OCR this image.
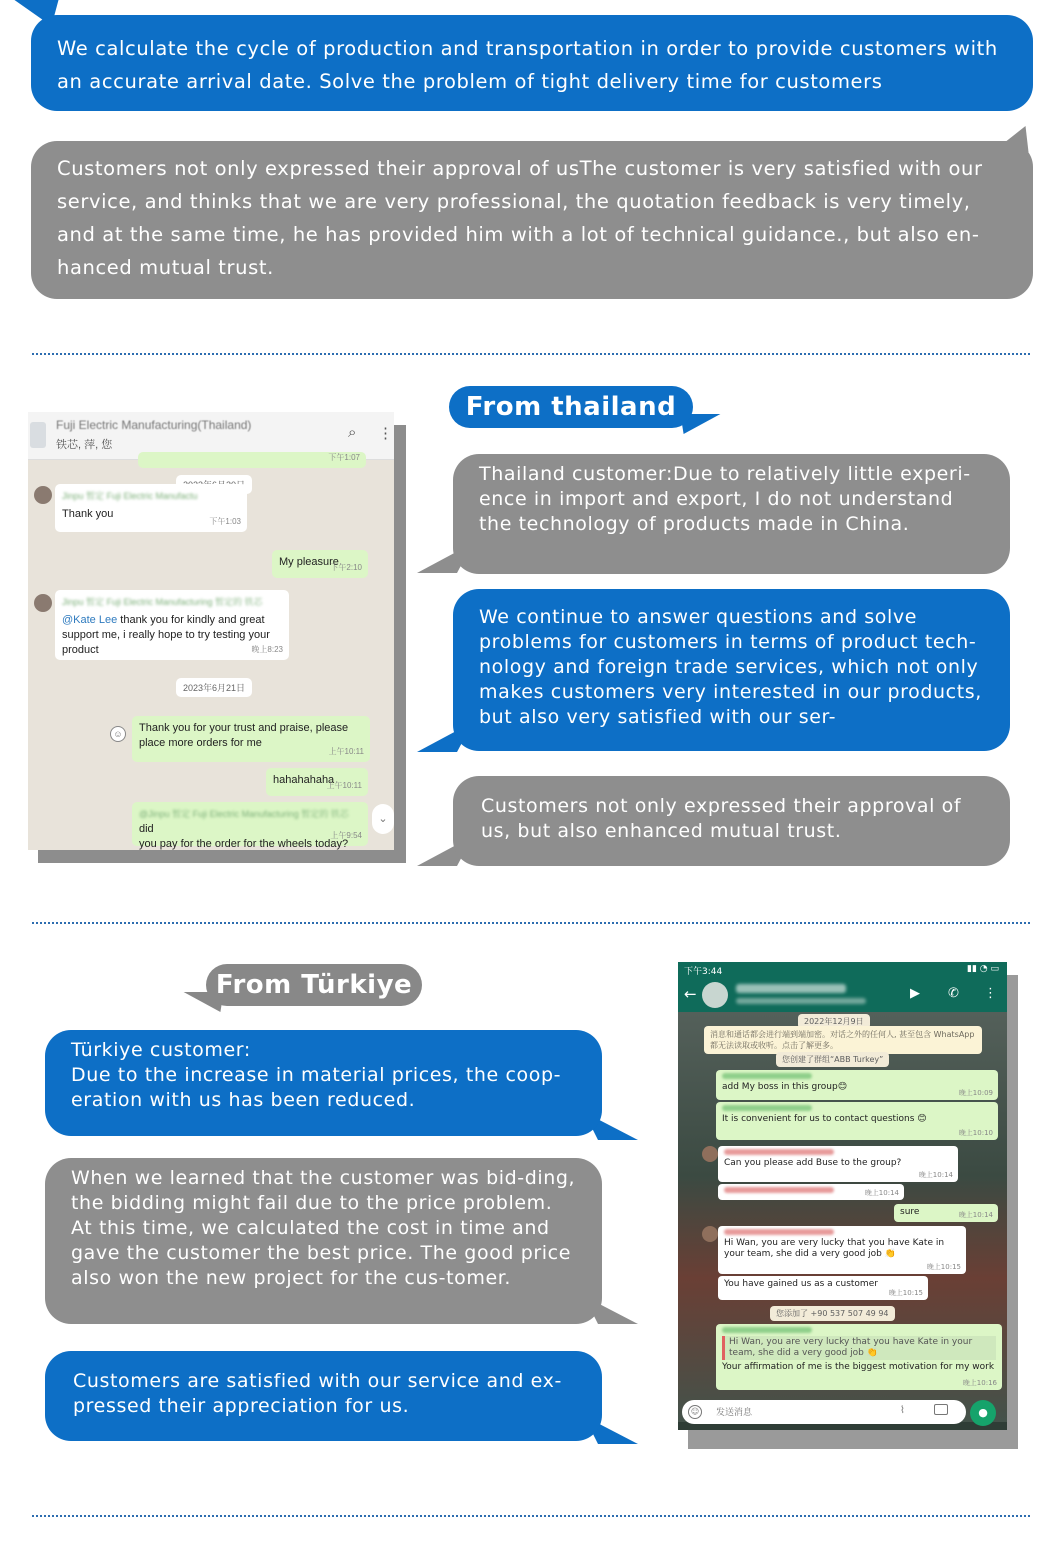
We calculate the cycle of production and transportation in order to provide customers with an accurate arrival date. Solve the problem of tight delivery time for customers
Customers not only expressed their approval of usThe customer is very satisfied with our service, and thinks that we are very professional, the quotation feedback is very timely, and at the same time, he has provided him with a lot of technical guidance., but also en-hanced mutual trust.
From thailand
Fuji Electric Manufacturing(Thailand)
铁芯, 萍, 您
⌕ ⋮
下午1:07
Jinpu 暂定 Fuji Electric Manufactu
Thank you
下午1:03
My pleasure
下午2:10
Jinpu 暂定 Fuji Electric Manufacturing 暂定的 铁芯
@Kate Lee thank you for kindly and great support me, i really hope to try testing your product	晚上8:23
2023年6月21日
☺	Thank you for your trust and praise, please place more orders for me
上午10:11
hahahahaha
上午10:11
@Jinpu 暂定 Fuji Electric Manufacturing 暂定的 铁芯 did
you pay for the order for the wheels today?
上午9:54
⌄
Thailand customer:Due to relatively little experi-ence in import and export, I do not understand the technology of products made in China.
We continue to answer questions and solve problems for customers in terms of product tech-nology and foreign trade services, which not only makes customers very interested in our products, but also very satisfied with our ser-
Customers not only expressed their approval of us, but also enhanced mutual trust.
From Türkiye
Türkiye customer:
Due to the increase in material prices, the coop-eration with us has been reduced.
When we learned that the customer was bid-ding, the bidding might fail due to the price problem. At this time, we calculated the cost in time and gave the customer the best price. The good price also won the new project for the cus-tomer.
Customers are satisfied with our service and ex-pressed their appreciation for us.
下午3:44	▮▮ ◔ ▭
←	▶ ✆ ⋮
2022年12月9日
消息和通话都会进行端到端加密。对话之外的任何人, 甚至包含 WhatsApp 都无法读取或收听。点击了解更多。
您创建了群组“ABB Turkey”
add My boss in this group😊
晚上10:09
It is convenient for us to contact questions 😊
晚上10:10
Can you please add Buse to the group?
晚上10:14
晚上10:14
sure	晚上10:14
Hi Wan, you are very lucky that you have Kate in your team, she did a very good job 👏
晚上10:15
You have gained us as a customer
晚上10:15
您添加了 +90 537 507 49 94
Hi Wan, you are very lucky that you have Kate in your team, she did a very good job 👏
Your affirmation of me is the biggest motivation for my work
晚上10:16
发送消息
☺	⌇	●
